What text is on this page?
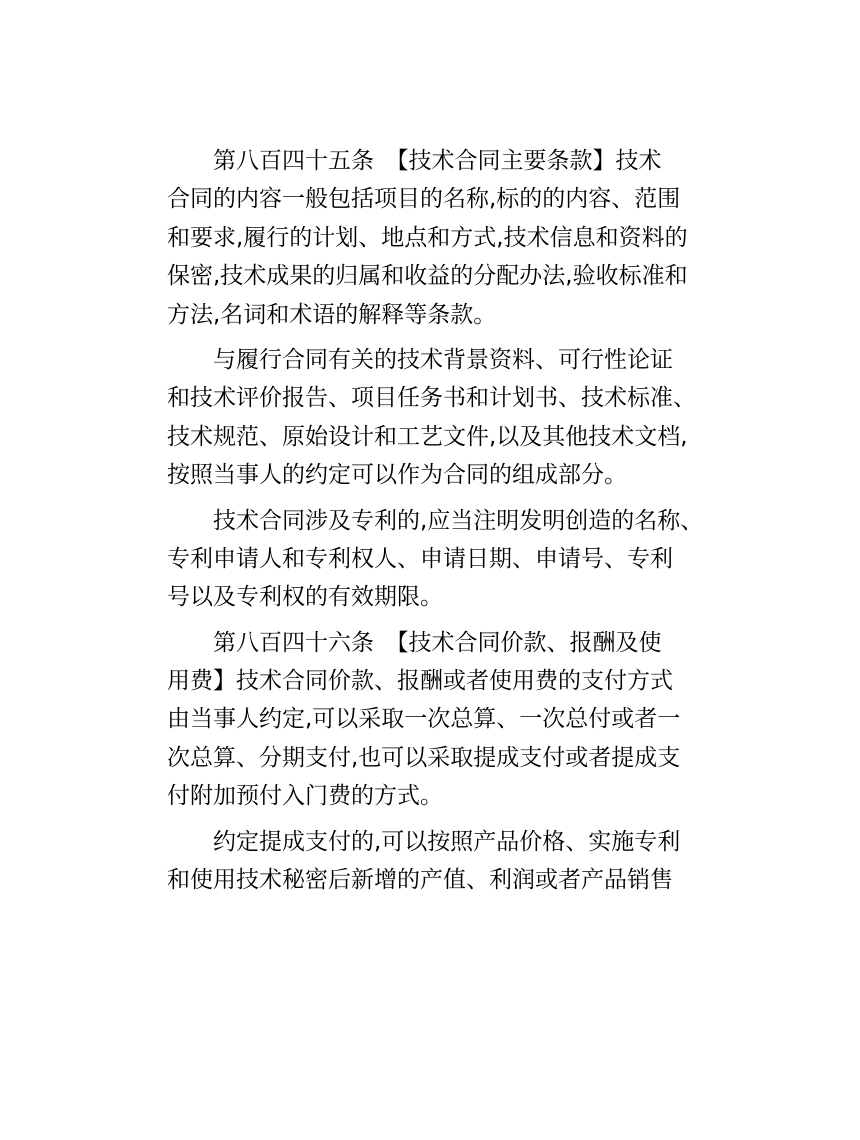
第八百四十五条　【技术合同主要条款】技术
合同的内容一般包括项目的名称,标的的内容、范围
和要求,履行的计划、地点和方式,技术信息和资料的
保密,技术成果的归属和收益的分配办法,验收标准和
方法,名词和术语的解释等条款。
与履行合同有关的技术背景资料、可行性论证
和技术评价报告、项目任务书和计划书、技术标准、
技术规范、原始设计和工艺文件,以及其他技术文档,
按照当事人的约定可以作为合同的组成部分。
技术合同涉及专利的,应当注明发明创造的名称、
专利申请人和专利权人、申请日期、申请号、专利
号以及专利权的有效期限。
第八百四十六条　【技术合同价款、报酬及使
用费】技术合同价款、报酬或者使用费的支付方式
由当事人约定,可以采取一次总算、一次总付或者一
次总算、分期支付,也可以采取提成支付或者提成支
付附加预付入门费的方式。
约定提成支付的,可以按照产品价格、实施专利
和使用技术秘密后新增的产值、利润或者产品销售
